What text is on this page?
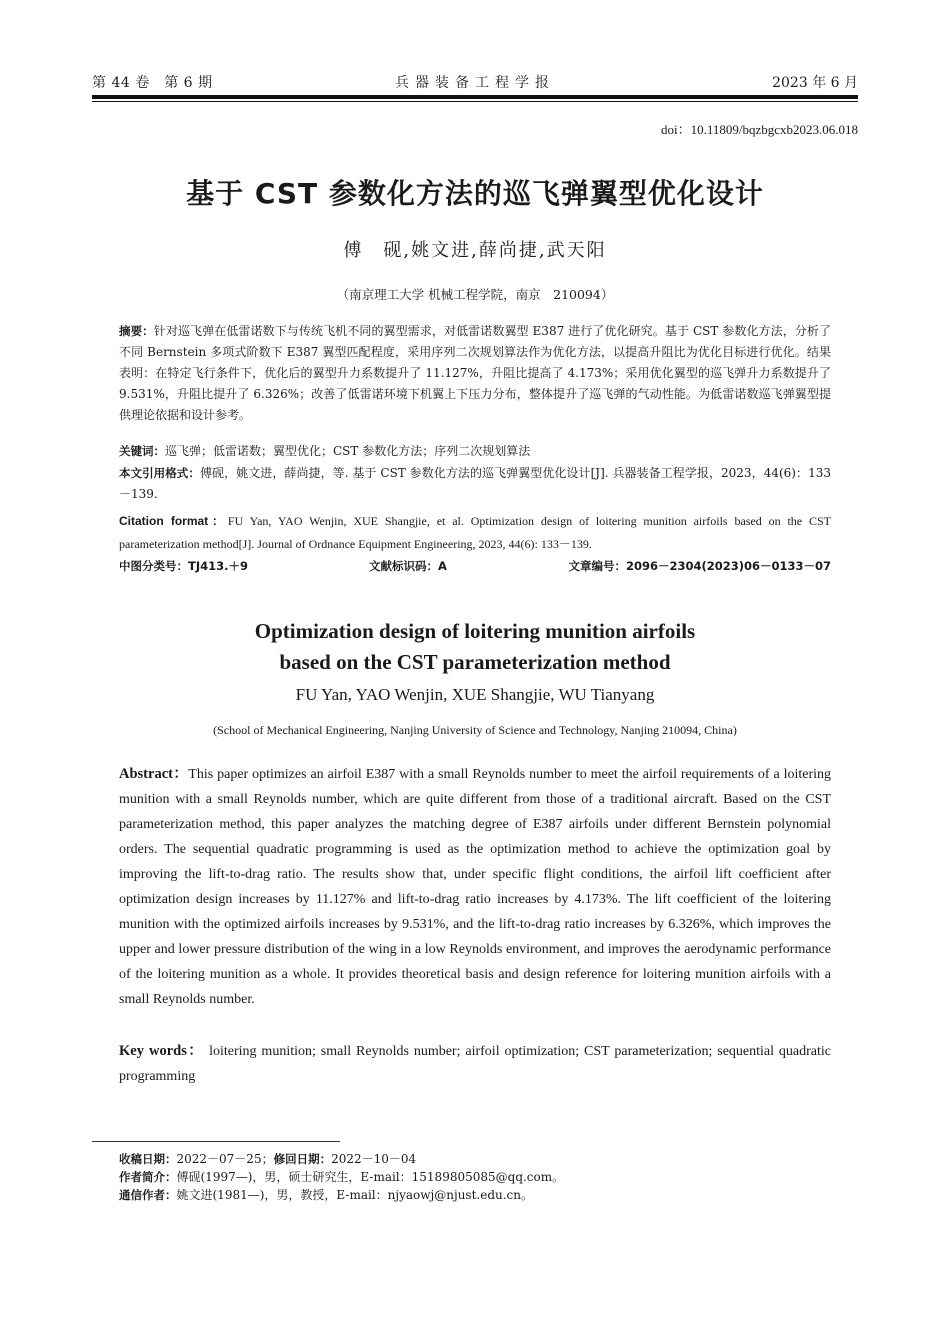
第 44 卷　第 6 期	兵器装备工程学报	2023 年 6 月
doi：10.11809/bqzbgcxb2023.06.018
基于 CST 参数化方法的巡飞弹翼型优化设计
傅　砚,姚文进,薛尚捷,武天阳
（南京理工大学 机械工程学院，南京　210094）
摘要：针对巡飞弹在低雷诺数下与传统飞机不同的翼型需求，对低雷诺数翼型 E387 进行了优化研究。基于 CST 参数化方法，分析了不同 Bernstein 多项式阶数下 E387 翼型匹配程度，采用序列二次规划算法作为优化方法，以提高升阻比为优化目标进行优化。结果表明：在特定飞行条件下，优化后的翼型升力系数提升了 11.127%，升阻比提高了 4.173%；采用优化翼型的巡飞弹升力系数提升了 9.531%，升阻比提升了 6.326%；改善了低雷诺环境下机翼上下压力分布，整体提升了巡飞弹的气动性能。为低雷诺数巡飞弹翼型提供理论依据和设计参考。
关键词：巡飞弹；低雷诺数；翼型优化；CST 参数化方法；序列二次规划算法
本文引用格式：傅砚，姚文进，薛尚捷，等. 基于 CST 参数化方法的巡飞弹翼型优化设计[J]. 兵器装备工程学报，2023，44(6)：133－139.
Citation format：FU Yan, YAO Wenjin, XUE Shangjie, et al. Optimization design of loitering munition airfoils based on the CST parameterization method[J]. Journal of Ordnance Equipment Engineering, 2023, 44(6): 133－139.
中图分类号：TJ413.＋9	文献标识码：A	文章编号：2096－2304(2023)06－0133－07
Optimization design of loitering munition airfoils
based on the CST parameterization method
FU Yan, YAO Wenjin, XUE Shangjie, WU Tianyang
(School of Mechanical Engineering, Nanjing University of Science and Technology, Nanjing 210094, China)
Abstract：This paper optimizes an airfoil E387 with a small Reynolds number to meet the airfoil requirements of a loitering munition with a small Reynolds number, which are quite different from those of a traditional aircraft. Based on the CST parameterization method, this paper analyzes the matching degree of E387 airfoils under different Bernstein polynomial orders. The sequential quadratic programming is used as the optimization method to achieve the optimization goal by improving the lift-to-drag ratio. The results show that, under specific flight conditions, the airfoil lift coefficient after optimization design increases by 11.127% and lift-to-drag ratio increases by 4.173%. The lift coefficient of the loitering munition with the optimized airfoils increases by 9.531%, and the lift-to-drag ratio increases by 6.326%, which improves the upper and lower pressure distribution of the wing in a low Reynolds environment, and improves the aerodynamic performance of the loitering munition as a whole. It provides theoretical basis and design reference for loitering munition airfoils with a small Reynolds number.
Key words： loitering munition; small Reynolds number; airfoil optimization; CST parameterization; sequential quadratic programming
收稿日期：2022－07－25；修回日期：2022－10－04
作者简介：傅砚(1997—)，男，硕士研究生，E-mail：15189805085@qq.com。
通信作者：姚文进(1981—)，男，教授，E-mail：njyaowj@njust.edu.cn。
